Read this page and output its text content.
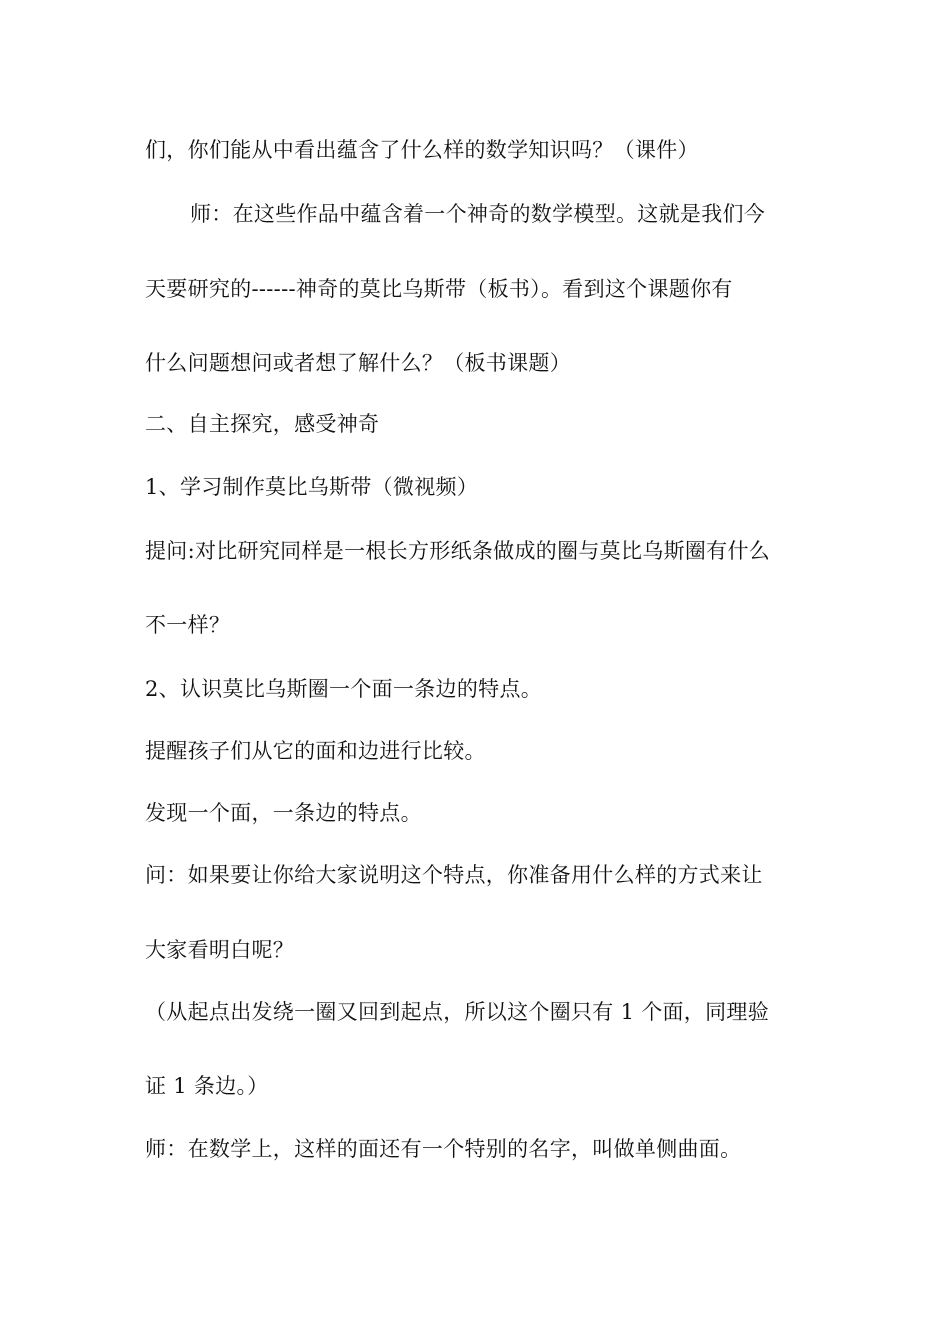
们，你们能从中看出蕴含了什么样的数学知识吗？（课件）
师：在这些作品中蕴含着一个神奇的数学模型。这就是我们今
天要研究的------神奇的莫比乌斯带（板书）。看到这个课题你有
什么问题想问或者想了解什么？（板书课题）
二、自主探究，感受神奇
1、学习制作莫比乌斯带（微视频）
提问:对比研究同样是一根长方形纸条做成的圈与莫比乌斯圈有什么
不一样？
2、认识莫比乌斯圈一个面一条边的特点。
提醒孩子们从它的面和边进行比较。
发现一个面，一条边的特点。
问：如果要让你给大家说明这个特点，你准备用什么样的方式来让
大家看明白呢？
（从起点出发绕一圈又回到起点，所以这个圈只有 1 个面，同理验
证 1 条边。）
师：在数学上，这样的面还有一个特别的名字，叫做单侧曲面。
